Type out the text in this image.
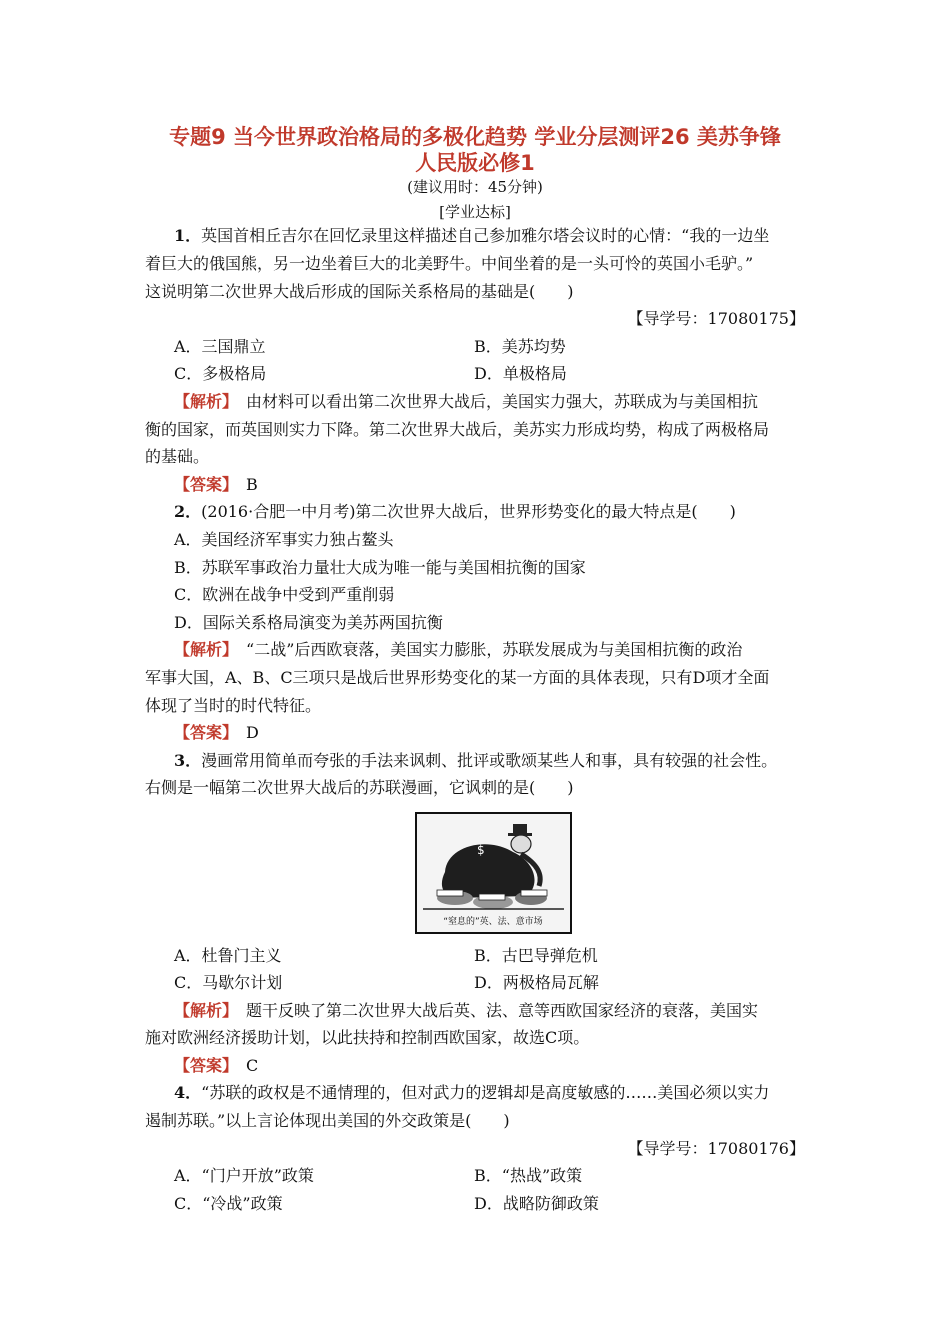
专题9 当今世界政治格局的多极化趋势 学业分层测评26 美苏争锋
人民版必修1
(建议用时：45分钟)
[学业达标]
1．英国首相丘吉尔在回忆录里这样描述自己参加雅尔塔会议时的心情：“我的一边坐
着巨大的俄国熊，另一边坐着巨大的北美野牛。中间坐着的是一头可怜的英国小毛驴。”
这说明第二次世界大战后形成的国际关系格局的基础是(　　)
【导学号：17080175】
A．三国鼎立	B．美苏均势
C．多极格局	D．单极格局
【解析】　由材料可以看出第二次世界大战后，美国实力强大，苏联成为与美国相抗
衡的国家，而英国则实力下降。第二次世界大战后，美苏实力形成均势，构成了两极格局
的基础。
【答案】　B
2．(2016·合肥一中月考)第二次世界大战后，世界形势变化的最大特点是(　　)
A．美国经济军事实力独占鳌头
B．苏联军事政治力量壮大成为唯一能与美国相抗衡的国家
C．欧洲在战争中受到严重削弱
D．国际关系格局演变为美苏两国抗衡
【解析】　“二战”后西欧衰落，美国实力膨胀，苏联发展成为与美国相抗衡的政治
军事大国，A、B、C三项只是战后世界形势变化的某一方面的具体表现，只有D项才全面
体现了当时的时代特征。
【答案】　D
3．漫画常用简单而夸张的手法来讽刺、批评或歌颂某些人和事，具有较强的社会性。
右侧是一幅第二次世界大战后的苏联漫画，它讽刺的是(　　)
$
“窒息的”英、法、意市场
A．杜鲁门主义	B．古巴导弹危机
C．马歇尔计划	D．两极格局瓦解
【解析】　题干反映了第二次世界大战后英、法、意等西欧国家经济的衰落，美国实
施对欧洲经济援助计划，以此扶持和控制西欧国家，故选C项。
【答案】　C
4．“苏联的政权是不通情理的，但对武力的逻辑却是高度敏感的……美国必须以实力
遏制苏联。”以上言论体现出美国的外交政策是(　　)
【导学号：17080176】
A．“门户开放”政策	B．“热战”政策
C．“冷战”政策	D．战略防御政策
